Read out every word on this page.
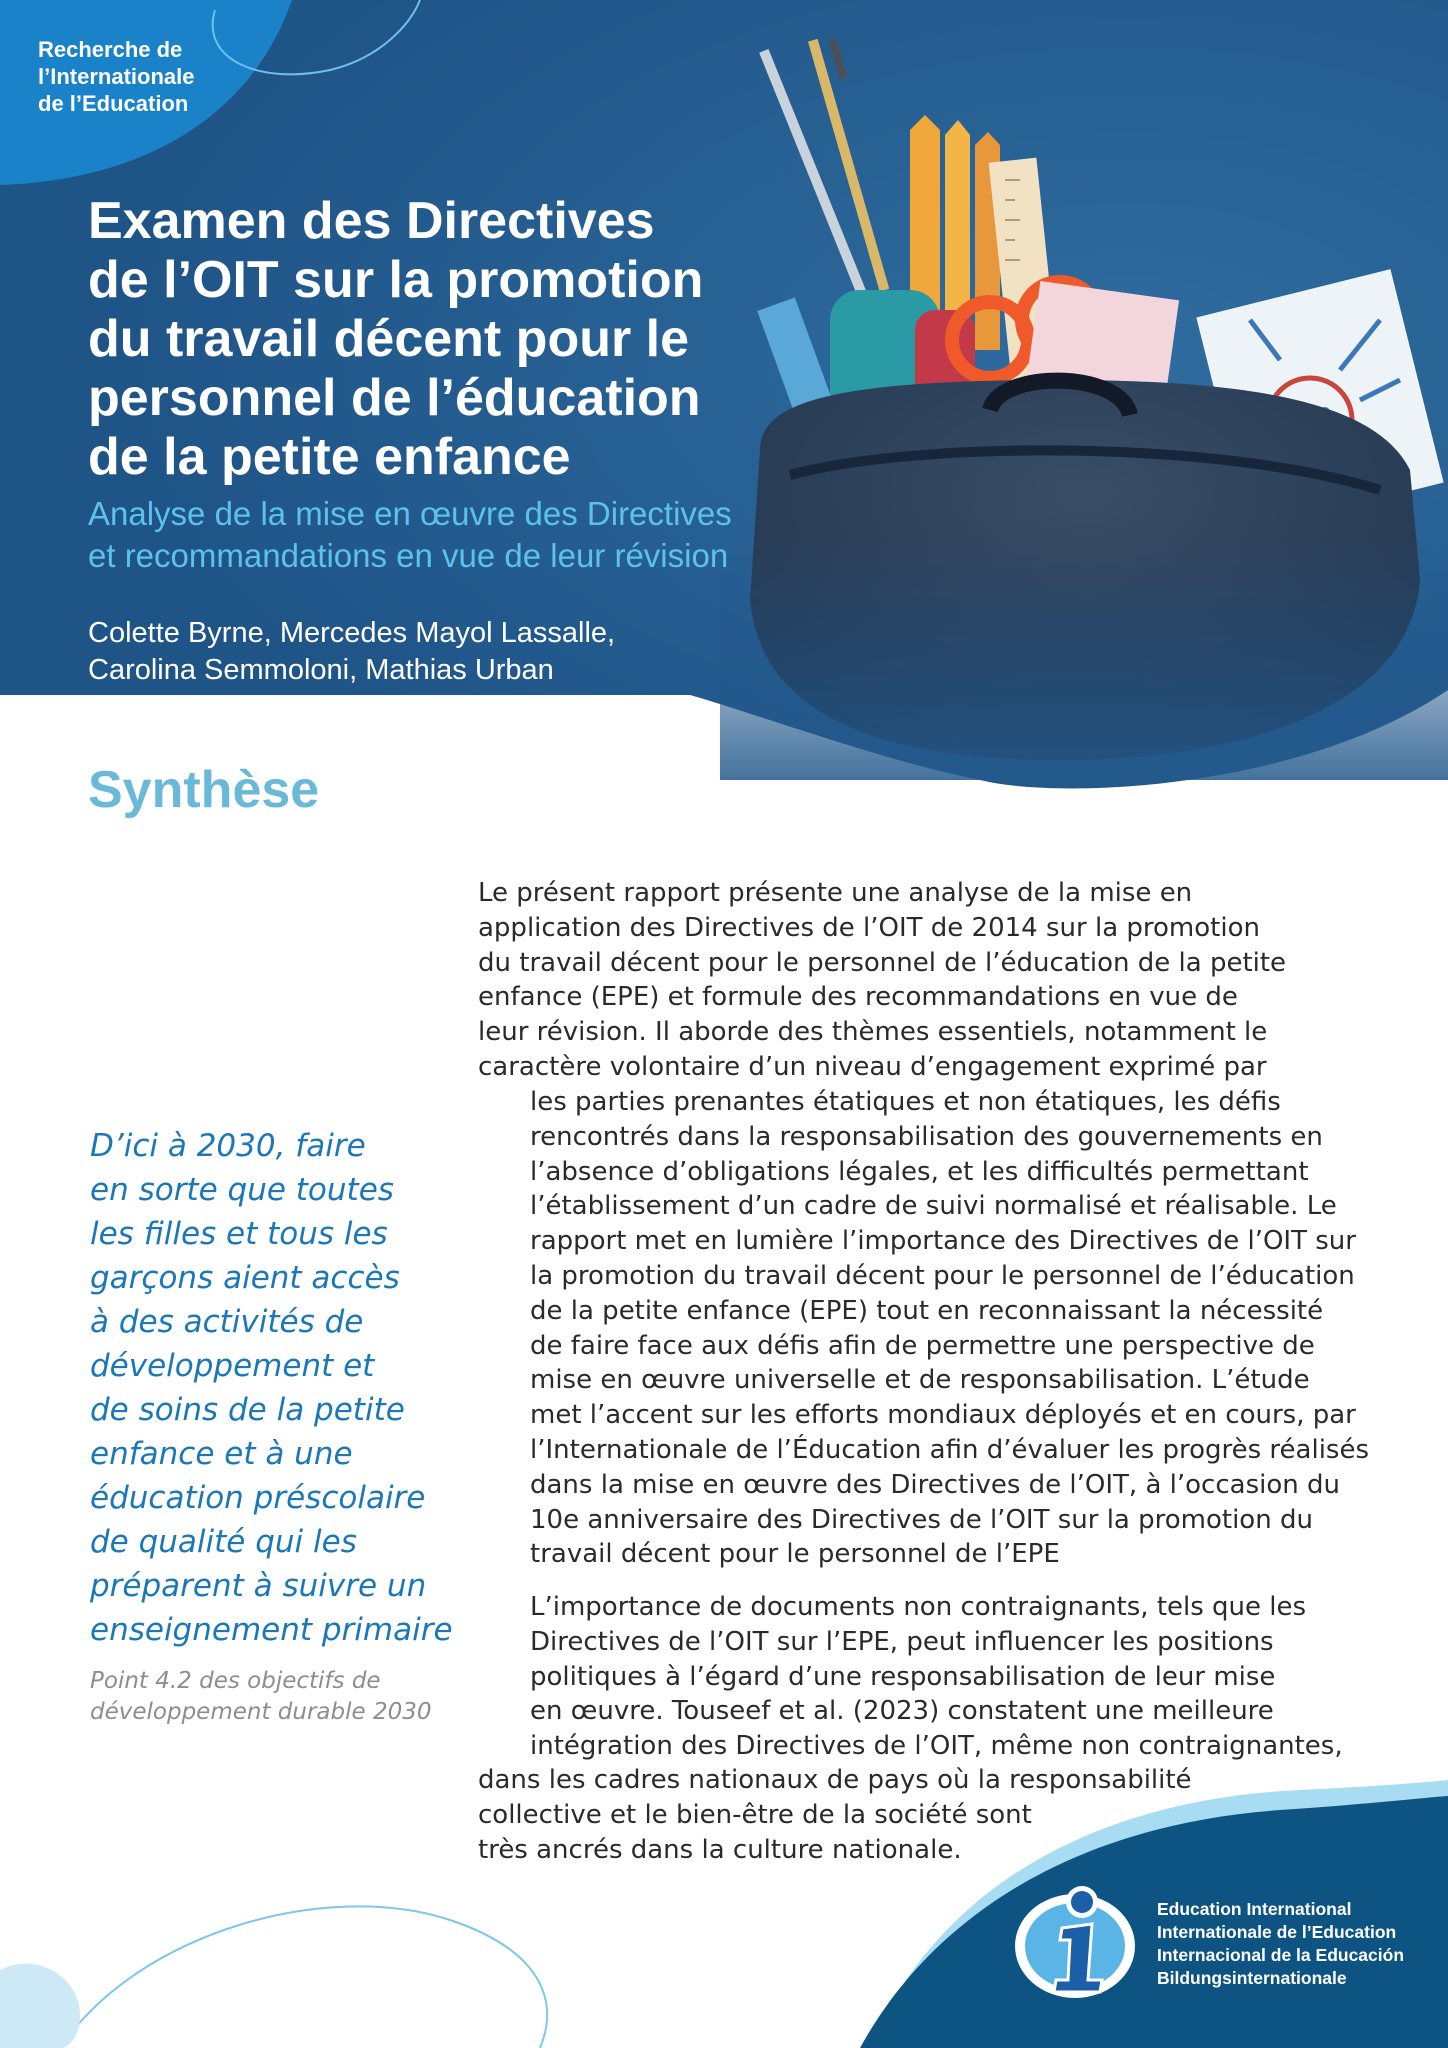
Recherche de
l’Internationale
de l’Education
Examen des Directives
de l’OIT sur la promotion
du travail décent pour le
personnel de l’éducation
de la petite enfance
Analyse de la mise en œuvre des Directives
et recommandations en vue de leur révision
Colette Byrne, Mercedes Mayol Lassalle,
Carolina Semmoloni, Mathias Urban
Synthèse
D’ici à 2030, faire
en sorte que toutes
les filles et tous les
garçons aient accès
à des activités de
développement et
de soins de la petite
enfance et à une
éducation préscolaire
de qualité qui les
préparent à suivre un
enseignement primaire
Point 4.2 des objectifs de
développement durable 2030

Le présent rapport présente une analyse de la mise en
application des Directives de l’OIT de 2014 sur la promotion
du travail décent pour le personnel de l’éducation de la petite
enfance (EPE) et formule des recommandations en vue de
leur révision. Il aborde des thèmes essentiels, notamment le
caractère volontaire d’un niveau d’engagement exprimé par

les parties prenantes étatiques et non étatiques, les défis
rencontrés dans la responsabilisation des gouvernements en
l’absence d’obligations légales, et les difficultés permettant
l’établissement d’un cadre de suivi normalisé et réalisable. Le
rapport met en lumière l’importance des Directives de l’OIT sur
la promotion du travail décent pour le personnel de l’éducation
de la petite enfance (EPE) tout en reconnaissant la nécessité
de faire face aux défis afin de permettre une perspective de
mise en œuvre universelle et de responsabilisation. L’étude
met l’accent sur les efforts mondiaux déployés et en cours, par
l’Internationale de l’Éducation afin d’évaluer les progrès réalisés
dans la mise en œuvre des Directives de l’OIT, à l’occasion du
10e anniversaire des Directives de l’OIT sur la promotion du
travail décent pour le personnel de l’EPE

L’importance de documents non contraignants, tels que les
Directives de l’OIT sur l’EPE, peut influencer les positions
politiques à l’égard d’une responsabilisation de leur mise
en œuvre. Touseef et al. (2023) constatent une meilleure
intégration des Directives de l’OIT, même non contraignantes,

dans les cadres nationaux de pays où la responsabilité
collective et le bien-être de la société sont
très ancrés dans la culture nationale.

Education International
Internationale de l’Education
Internacional de la Educación
Bildungsinternationale
